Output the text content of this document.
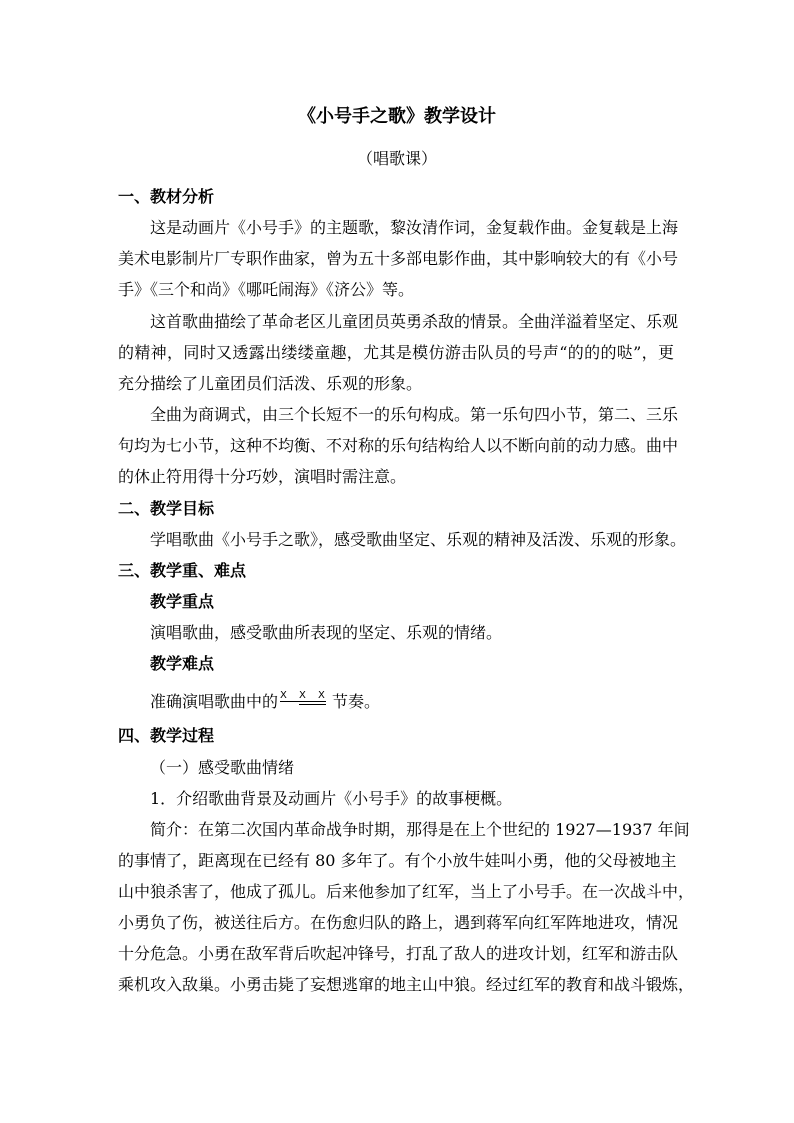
《小号手之歌》教学设计
（唱歌课）
一、教材分析
这是动画片《小号手》的主题歌，黎汝清作词，金复载作曲。金复载是上海
美术电影制片厂专职作曲家，曾为五十多部电影作曲，其中影响较大的有《小号
手》《三个和尚》《哪吒闹海》《济公》等。
这首歌曲描绘了革命老区儿童团员英勇杀敌的情景。全曲洋溢着坚定、乐观
的精神，同时又透露出缕缕童趣，尤其是模仿游击队员的号声“的的的哒”，更
充分描绘了儿童团员们活泼、乐观的形象。
全曲为商调式，由三个长短不一的乐句构成。第一乐句四小节，第二、三乐
句均为七小节，这种不均衡、不对称的乐句结构给人以不断向前的动力感。曲中
的休止符用得十分巧妙，演唱时需注意。
二、教学目标
学唱歌曲《小号手之歌》，感受歌曲坚定、乐观的精神及活泼、乐观的形象。
三、教学重、难点
教学重点
演唱歌曲，感受歌曲所表现的坚定、乐观的情绪。
教学难点
准确演唱歌曲中的 X X X 节奏。
四、教学过程
（一）感受歌曲情绪
1．介绍歌曲背景及动画片《小号手》的故事梗概。
简介：在第二次国内革命战争时期，那得是在上个世纪的 1927—1937 年间
的事情了，距离现在已经有 80 多年了。有个小放牛娃叫小勇，他的父母被地主
山中狼杀害了，他成了孤儿。后来他参加了红军，当上了小号手。在一次战斗中，
小勇负了伤，被送往后方。在伤愈归队的路上，遇到蒋军向红军阵地进攻，情况
十分危急。小勇在敌军背后吹起冲锋号，打乱了敌人的进攻计划，红军和游击队
乘机攻入敌巢。小勇击毙了妄想逃窜的地主山中狼。经过红军的教育和战斗锻炼，
